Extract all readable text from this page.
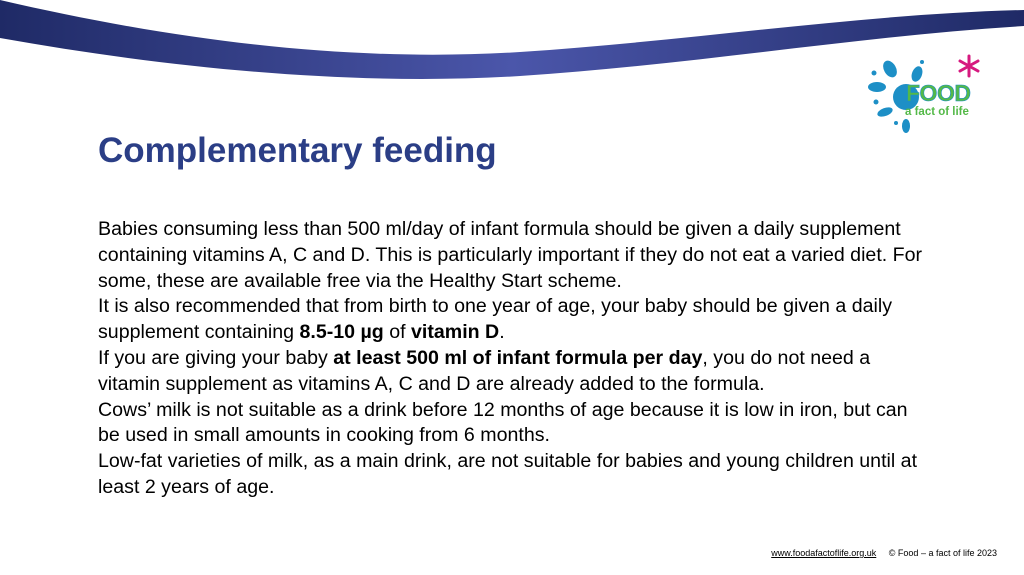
FOOD
a fact of life
Complementary feeding

Babies consuming less than 500 ml/day of infant formula should be given a daily supplement containing vitamins A, C and D. This is particularly important if they do not eat a varied diet. For some, these are available free via the Healthy Start scheme.

It is also recommended that from birth to one year of age, your baby should be given a daily supplement containing 8.5-10 µg of vitamin D.

If you are giving your baby at least 500 ml of infant formula per day, you do not need a vitamin supplement as vitamins A, C and D are already added to the formula.

Cows’ milk is not suitable as a drink before 12 months of age because it is low in iron, but can be used in small amounts in cooking from 6 months.

Low-fat varieties of milk, as a main drink, are not suitable for babies and young children until at least 2 years of age.

www.foodafactoflife.org.uk © Food – a fact of life 2023
